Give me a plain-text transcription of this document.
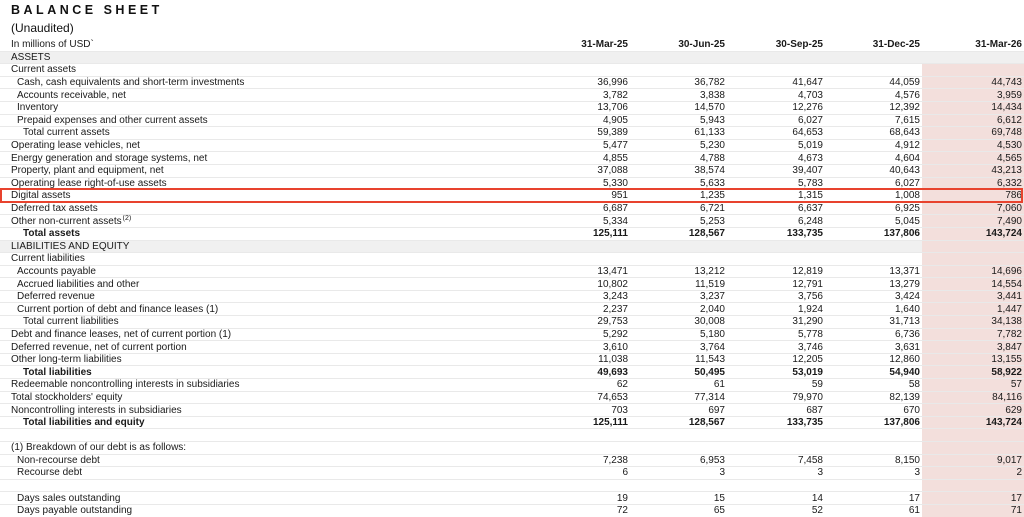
BALANCE SHEET
(Unaudited)
In millions of USD`	31-Mar-25	30-Jun-25	30-Sep-25	31-Dec-25	31-Mar-26
ASSETS
Current assets
Cash, cash equivalents and short-term investments	36,996	36,782	41,647	44,059	44,743
Accounts receivable, net	3,782	3,838	4,703	4,576	3,959
Inventory	13,706	14,570	12,276	12,392	14,434
Prepaid expenses and other current assets	4,905	5,943	6,027	7,615	6,612
Total current assets	59,389	61,133	64,653	68,643	69,748
Operating lease vehicles, net	5,477	5,230	5,019	4,912	4,530
Energy generation and storage systems, net	4,855	4,788	4,673	4,604	4,565
Property, plant and equipment, net	37,088	38,574	39,407	40,643	43,213
Operating lease right-of-use assets	5,330	5,633	5,783	6,027	6,332
Digital assets	951	1,235	1,315	1,008	786
Deferred tax assets	6,687	6,721	6,637	6,925	7,060
Other non-current assets (2)	5,334	5,253	6,248	5,045	7,490
Total assets	125,111	128,567	133,735	137,806	143,724
LIABILITIES AND EQUITY
Current liabilities
Accounts payable	13,471	13,212	12,819	13,371	14,696
Accrued liabilities and other	10,802	11,519	12,791	13,279	14,554
Deferred revenue	3,243	3,237	3,756	3,424	3,441
Current portion of debt and finance leases (1)	2,237	2,040	1,924	1,640	1,447
Total current liabilities	29,753	30,008	31,290	31,713	34,138
Debt and finance leases, net of current portion (1)	5,292	5,180	5,778	6,736	7,782
Deferred revenue, net of current portion	3,610	3,764	3,746	3,631	3,847
Other long-term liabilities	11,038	11,543	12,205	12,860	13,155
Total liabilities	49,693	50,495	53,019	54,940	58,922
Redeemable noncontrolling interests in subsidiaries	62	61	59	58	57
Total stockholders' equity	74,653	77,314	79,970	82,139	84,116
Noncontrolling interests in subsidiaries	703	697	687	670	629
Total liabilities and equity	125,111	128,567	133,735	137,806	143,724
(1) Breakdown of our debt is as follows:
Non-recourse debt	7,238	6,953	7,458	8,150	9,017
Recourse debt	6	3	3	3	2
Days sales outstanding	19	15	14	17	17
Days payable outstanding	72	65	52	61	71
